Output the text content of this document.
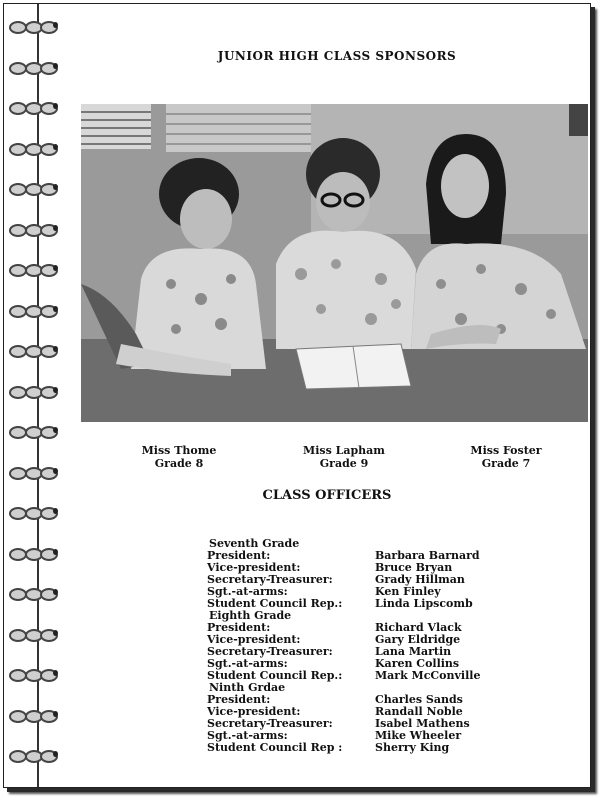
JUNIOR HIGH CLASS SPONSORS
Miss Thome
Grade 8
Miss Lapham
Grade 9
Miss Foster
Grade 7
CLASS OFFICERS
Seventh Grade
President:	Barbara Barnard
Vice-president:	Bruce Bryan
Secretary-Treasurer:	Grady Hillman
Sgt.-at-arms:	Ken Finley
Student Council Rep.:	Linda Lipscomb
Eighth Grade
President:	Richard Vlack
Vice-president:	Gary Eldridge
Secretary-Treasurer:	Lana Martin
Sgt.-at-arms:	Karen Collins
Student Council Rep.:	Mark McConville
Ninth Grdae
President:	Charles Sands
Vice-president:	Randall Noble
Secretary-Treasurer:	Isabel Mathens
Sgt.-at-arms:	Mike Wheeler
Student Council Rep :	Sherry King
